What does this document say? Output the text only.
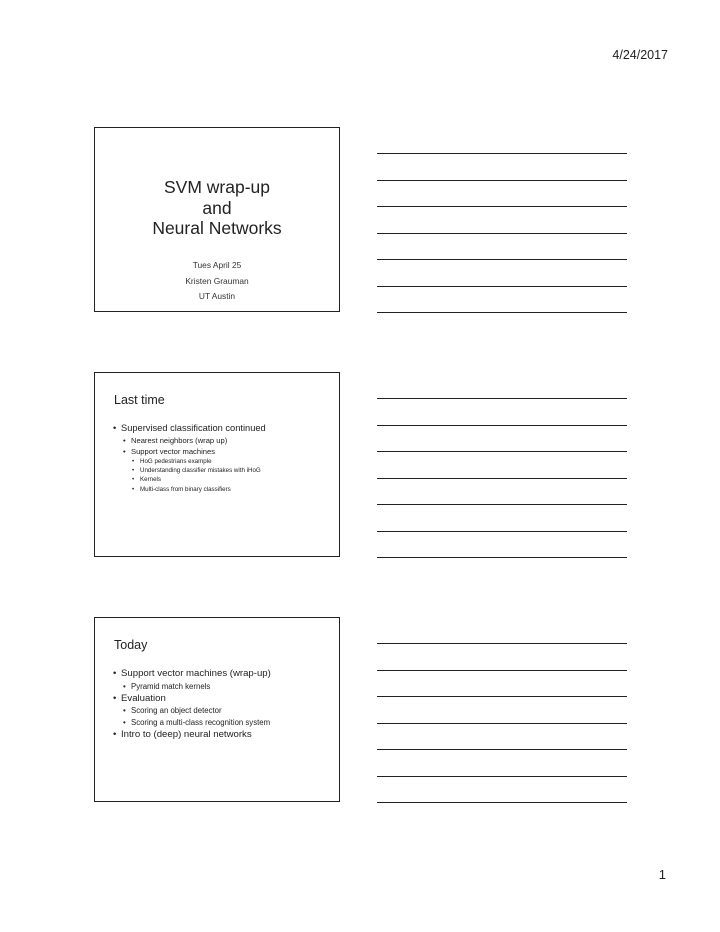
4/24/2017
SVM wrap-up
and
Neural Networks
Tues April 25
Kristen Grauman
UT Austin
Last time
• Supervised classification continued
• Nearest neighbors (wrap up)
• Support vector machines
• HoG pedestrians example
• Understanding classifier mistakes with iHoG
• Kernels
• Multi-class from binary classifiers
Today
• Support vector machines (wrap-up)
• Pyramid match kernels
• Evaluation
• Scoring an object detector
• Scoring a multi-class recognition system
• Intro to (deep) neural networks
1
